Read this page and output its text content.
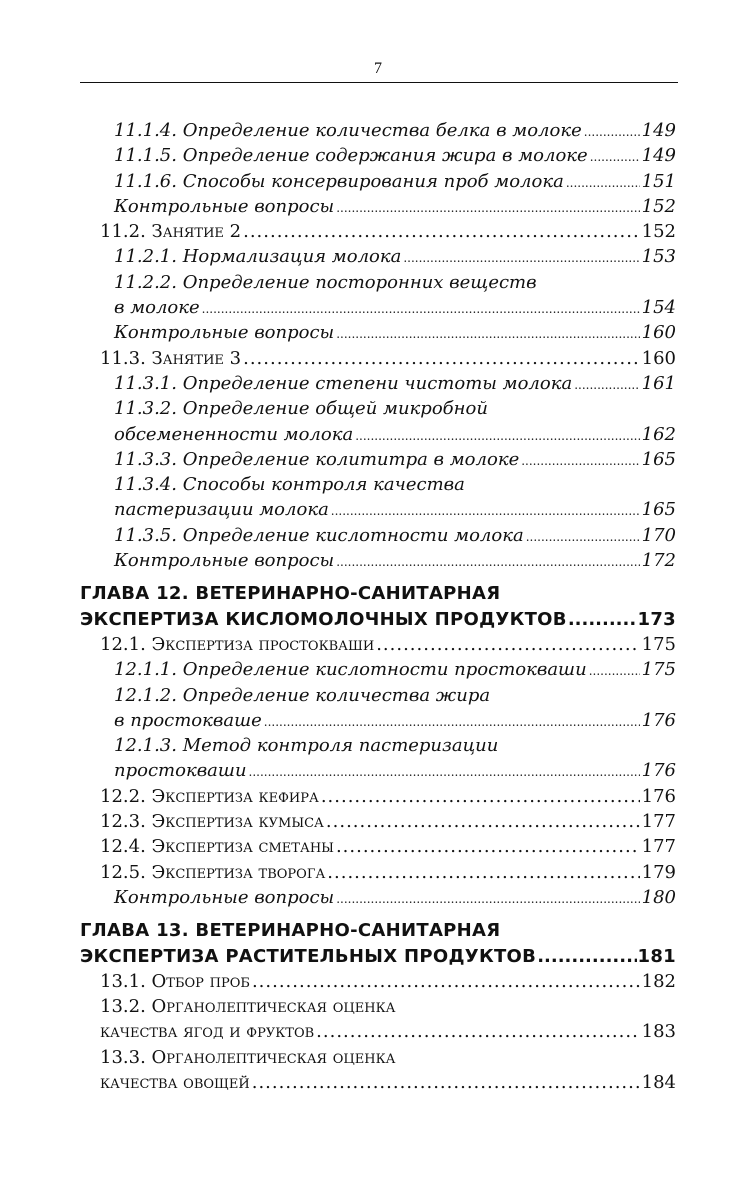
7
11.1.4. Определение количества белка в молоке .....	149
11.1.5. Определение содержания жира в молоке .....	149
11.1.6. Способы консервирования проб молока .....	151
Контрольные вопросы .....	152
11.2. Занятие 2 .....	152
11.2.1. Нормализация молока .....	153
11.2.2. Определение посторонних веществ
в молоке .....	154
Контрольные вопросы .....	160
11.3. Занятие 3 .....	160
11.3.1. Определение степени чистоты молока .....	161
11.3.2. Определение общей микробной
обсемененности молока .....	162
11.3.3. Определение колититра в молоке .....	165
11.3.4. Способы контроля качества
пастеризации молока .....	165
11.3.5. Определение кислотности молока .....	170
Контрольные вопросы .....	172
ГЛАВА 12. ВЕТЕРИНАРНО-САНИТАРНАЯ
ЭКСПЕРТИЗА КИСЛОМОЛОЧНЫХ ПРОДУКТОВ .....	173
12.1. Экспертиза простокваши .....	175
12.1.1. Определение кислотности простокваши .....	175
12.1.2. Определение количества жира
в простокваше .....	176
12.1.3. Метод контроля пастеризации
простокваши .....	176
12.2. Экспертиза кефира .....	176
12.3. Экспертиза кумыса .....	177
12.4. Экспертиза сметаны .....	177
12.5. Экспертиза творога .....	179
Контрольные вопросы .....	180
ГЛАВА 13. ВЕТЕРИНАРНО-САНИТАРНАЯ
ЭКСПЕРТИЗА РАСТИТЕЛЬНЫХ ПРОДУКТОВ .....	181
13.1. Отбор проб .....	182
13.2. Органолептическая оценка
качества ягод и фруктов .....	183
13.3. Органолептическая оценка
качества овощей .....	184
